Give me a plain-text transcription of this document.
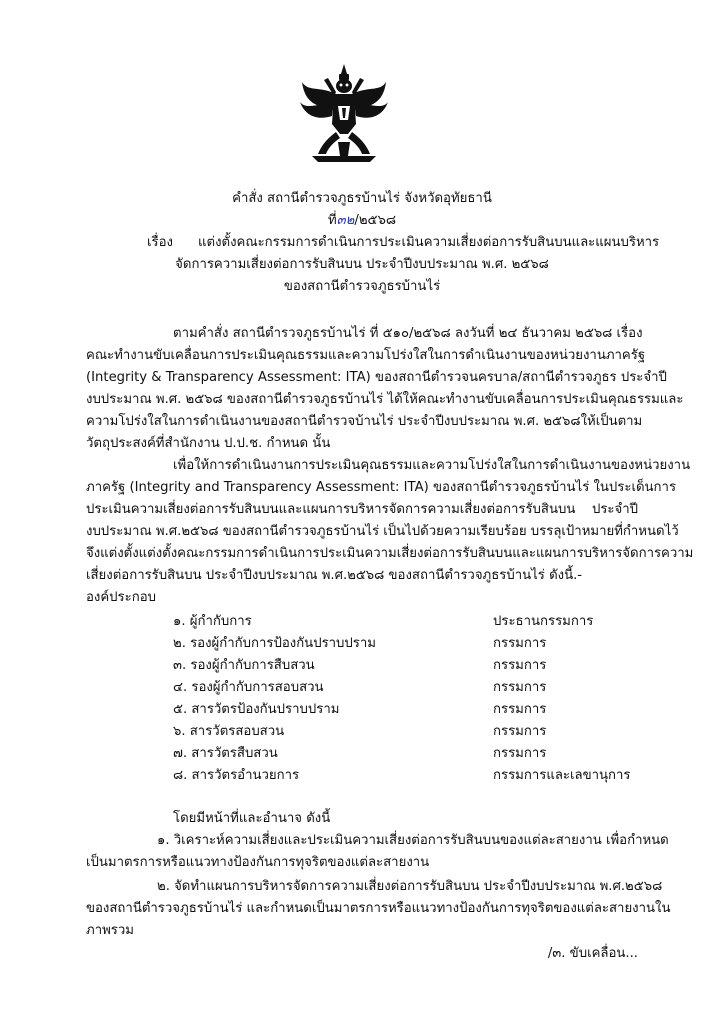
คำสั่ง สถานีตำรวจภูธรบ้านไร่ จังหวัดอุทัยธานี
ที่๓๒/๒๕๖๘
เรื่อง แต่งตั้งคณะกรรมการดำเนินการประเมินความเสี่ยงต่อการรับสินบนและแผนบริหาร
จัดการความเสี่ยงต่อการรับสินบน ประจำปีงบประมาณ พ.ศ. ๒๕๖๘
ของสถานีตำรวจภูธรบ้านไร่
ตามคำสั่ง สถานีตำรวจภูธรบ้านไร่ ที่ ๕๑๐/๒๕๖๘ ลงวันที่ ๒๔ ธันวาคม ๒๕๖๘ เรื่อง
คณะทำงานขับเคลื่อนการประเมินคุณธรรมและความโปร่งใสในการดำเนินงานของหน่วยงานภาครัฐ
(Integrity & Transparency Assessment: ITA) ของสถานีตำรวจนครบาล/สถานีตำรวจภูธร ประจำปี
งบประมาณ พ.ศ. ๒๕๖๘ ของสถานีตำรวจภูธรบ้านไร่ ได้ให้คณะทำงานขับเคลื่อนการประเมินคุณธรรมและ
ความโปร่งใสในการดำเนินงานของสถานีตำรวจบ้านไร่ ประจำปีงบประมาณ พ.ศ. ๒๕๖๘ให้เป็นตาม
วัตถุประสงค์ที่สำนักงาน ป.ป.ช. กำหนด นั้น
เพื่อให้การดำเนินงานการประเมินคุณธรรมและความโปร่งใสในการดำเนินงานของหน่วยงาน
ภาครัฐ (Integrity and Transparency Assessment: ITA) ของสถานีตำรวจภูธรบ้านไร่ ในประเด็นการ
ประเมินความเสี่ยงต่อการรับสินบนและแผนการบริหารจัดการความเสี่ยงต่อการรับสินบน ประจำปี
งบประมาณ พ.ศ.๒๕๖๘ ของสถานีตำรวจภูธรบ้านไร่ เป็นไปด้วยความเรียบร้อย บรรลุเป้าหมายที่กำหนดไว้
จึงแต่งตั้งแต่งตั้งคณะกรรมการดำเนินการประเมินความเสี่ยงต่อการรับสินบนและแผนการบริหารจัดการความ
เสี่ยงต่อการรับสินบน ประจำปีงบประมาณ พ.ศ.๒๕๖๘ ของสถานีตำรวจภูธรบ้านไร่ ดังนี้.-
องค์ประกอบ
๑. ผู้กำกับการ	ประธานกรรมการ
๒. รองผู้กำกับการป้องกันปราบปราม	กรรมการ
๓. รองผู้กำกับการสืบสวน	กรรมการ
๔. รองผู้กำกับการสอบสวน	กรรมการ
๕. สารวัตรป้องกันปราบปราม	กรรมการ
๖. สารวัตรสอบสวน	กรรมการ
๗. สารวัตรสืบสวน	กรรมการ
๘. สารวัตรอำนวยการ	กรรมการและเลขานุการ
โดยมีหน้าที่และอำนาจ ดังนี้
๑. วิเคราะห์ความเสี่ยงและประเมินความเสี่ยงต่อการรับสินบนของแต่ละสายงาน เพื่อกำหนด
เป็นมาตรการหรือแนวทางป้องกันการทุจริตของแต่ละสายงาน
๒. จัดทำแผนการบริหารจัดการความเสี่ยงต่อการรับสินบน ประจำปีงบประมาณ พ.ศ.๒๕๖๘
ของสถานีตำรวจภูธรบ้านไร่ และกำหนดเป็นมาตรการหรือแนวทางป้องกันการทุจริตของแต่ละสายงานใน
ภาพรวม
/๓. ขับเคลื่อน...
